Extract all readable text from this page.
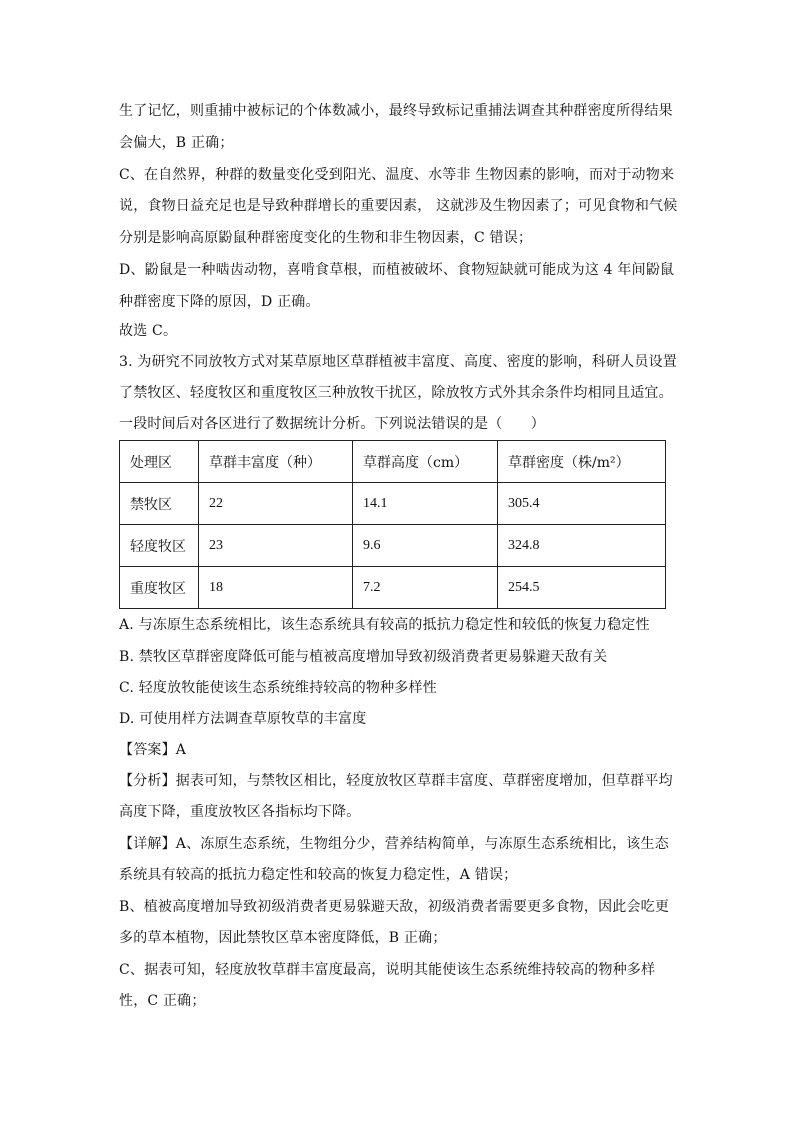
生了记忆，则重捕中被标记的个体数减小，最终导致标记重捕法调查其种群密度所得结果
会偏大，B 正确；
C、在自然界，种群的数量变化受到阳光、温度、水等非 生物因素的影响，而对于动物来
说，食物日益充足也是导致种群增长的重要因素， 这就涉及生物因素了；可见食物和气候
分别是影响高原鼢鼠种群密度变化的生物和非生物因素，C 错误；
D、鼢鼠是一种啮齿动物，喜啃食草根，而植被破坏、食物短缺就可能成为这 4 年间鼢鼠
种群密度下降的原因，D 正确。
故选 C。
3. 为研究不同放牧方式对某草原地区草群植被丰富度、高度、密度的影响，科研人员设置
了禁牧区、轻度牧区和重度牧区三种放牧干扰区，除放牧方式外其余条件均相同且适宜。
一段时间后对各区进行了数据统计分析。下列说法错误的是（　　）
处理区	草群丰富度（种）	草群高度（cm）	草群密度（株/m²）
禁牧区	22	14.1	305.4
轻度牧区	23	9.6	324.8
重度牧区	18	7.2	254.5
A. 与冻原生态系统相比，该生态系统具有较高的抵抗力稳定性和较低的恢复力稳定性
B. 禁牧区草群密度降低可能与植被高度增加导致初级消费者更易躲避天敌有关
C. 轻度放牧能使该生态系统维持较高的物种多样性
D. 可使用样方法调查草原牧草的丰富度
【答案】A
【分析】据表可知，与禁牧区相比，轻度放牧区草群丰富度、草群密度增加，但草群平均
高度下降，重度放牧区各指标均下降。
【详解】A、冻原生态系统，生物组分少，营养结构简单，与冻原生态系统相比，该生态
系统具有较高的抵抗力稳定性和较高的恢复力稳定性，A 错误；
B、植被高度增加导致初级消费者更易躲避天敌，初级消费者需要更多食物，因此会吃更
多的草本植物，因此禁牧区草本密度降低，B 正确；
C、据表可知，轻度放牧草群丰富度最高，说明其能使该生态系统维持较高的物种多样
性，C 正确；
